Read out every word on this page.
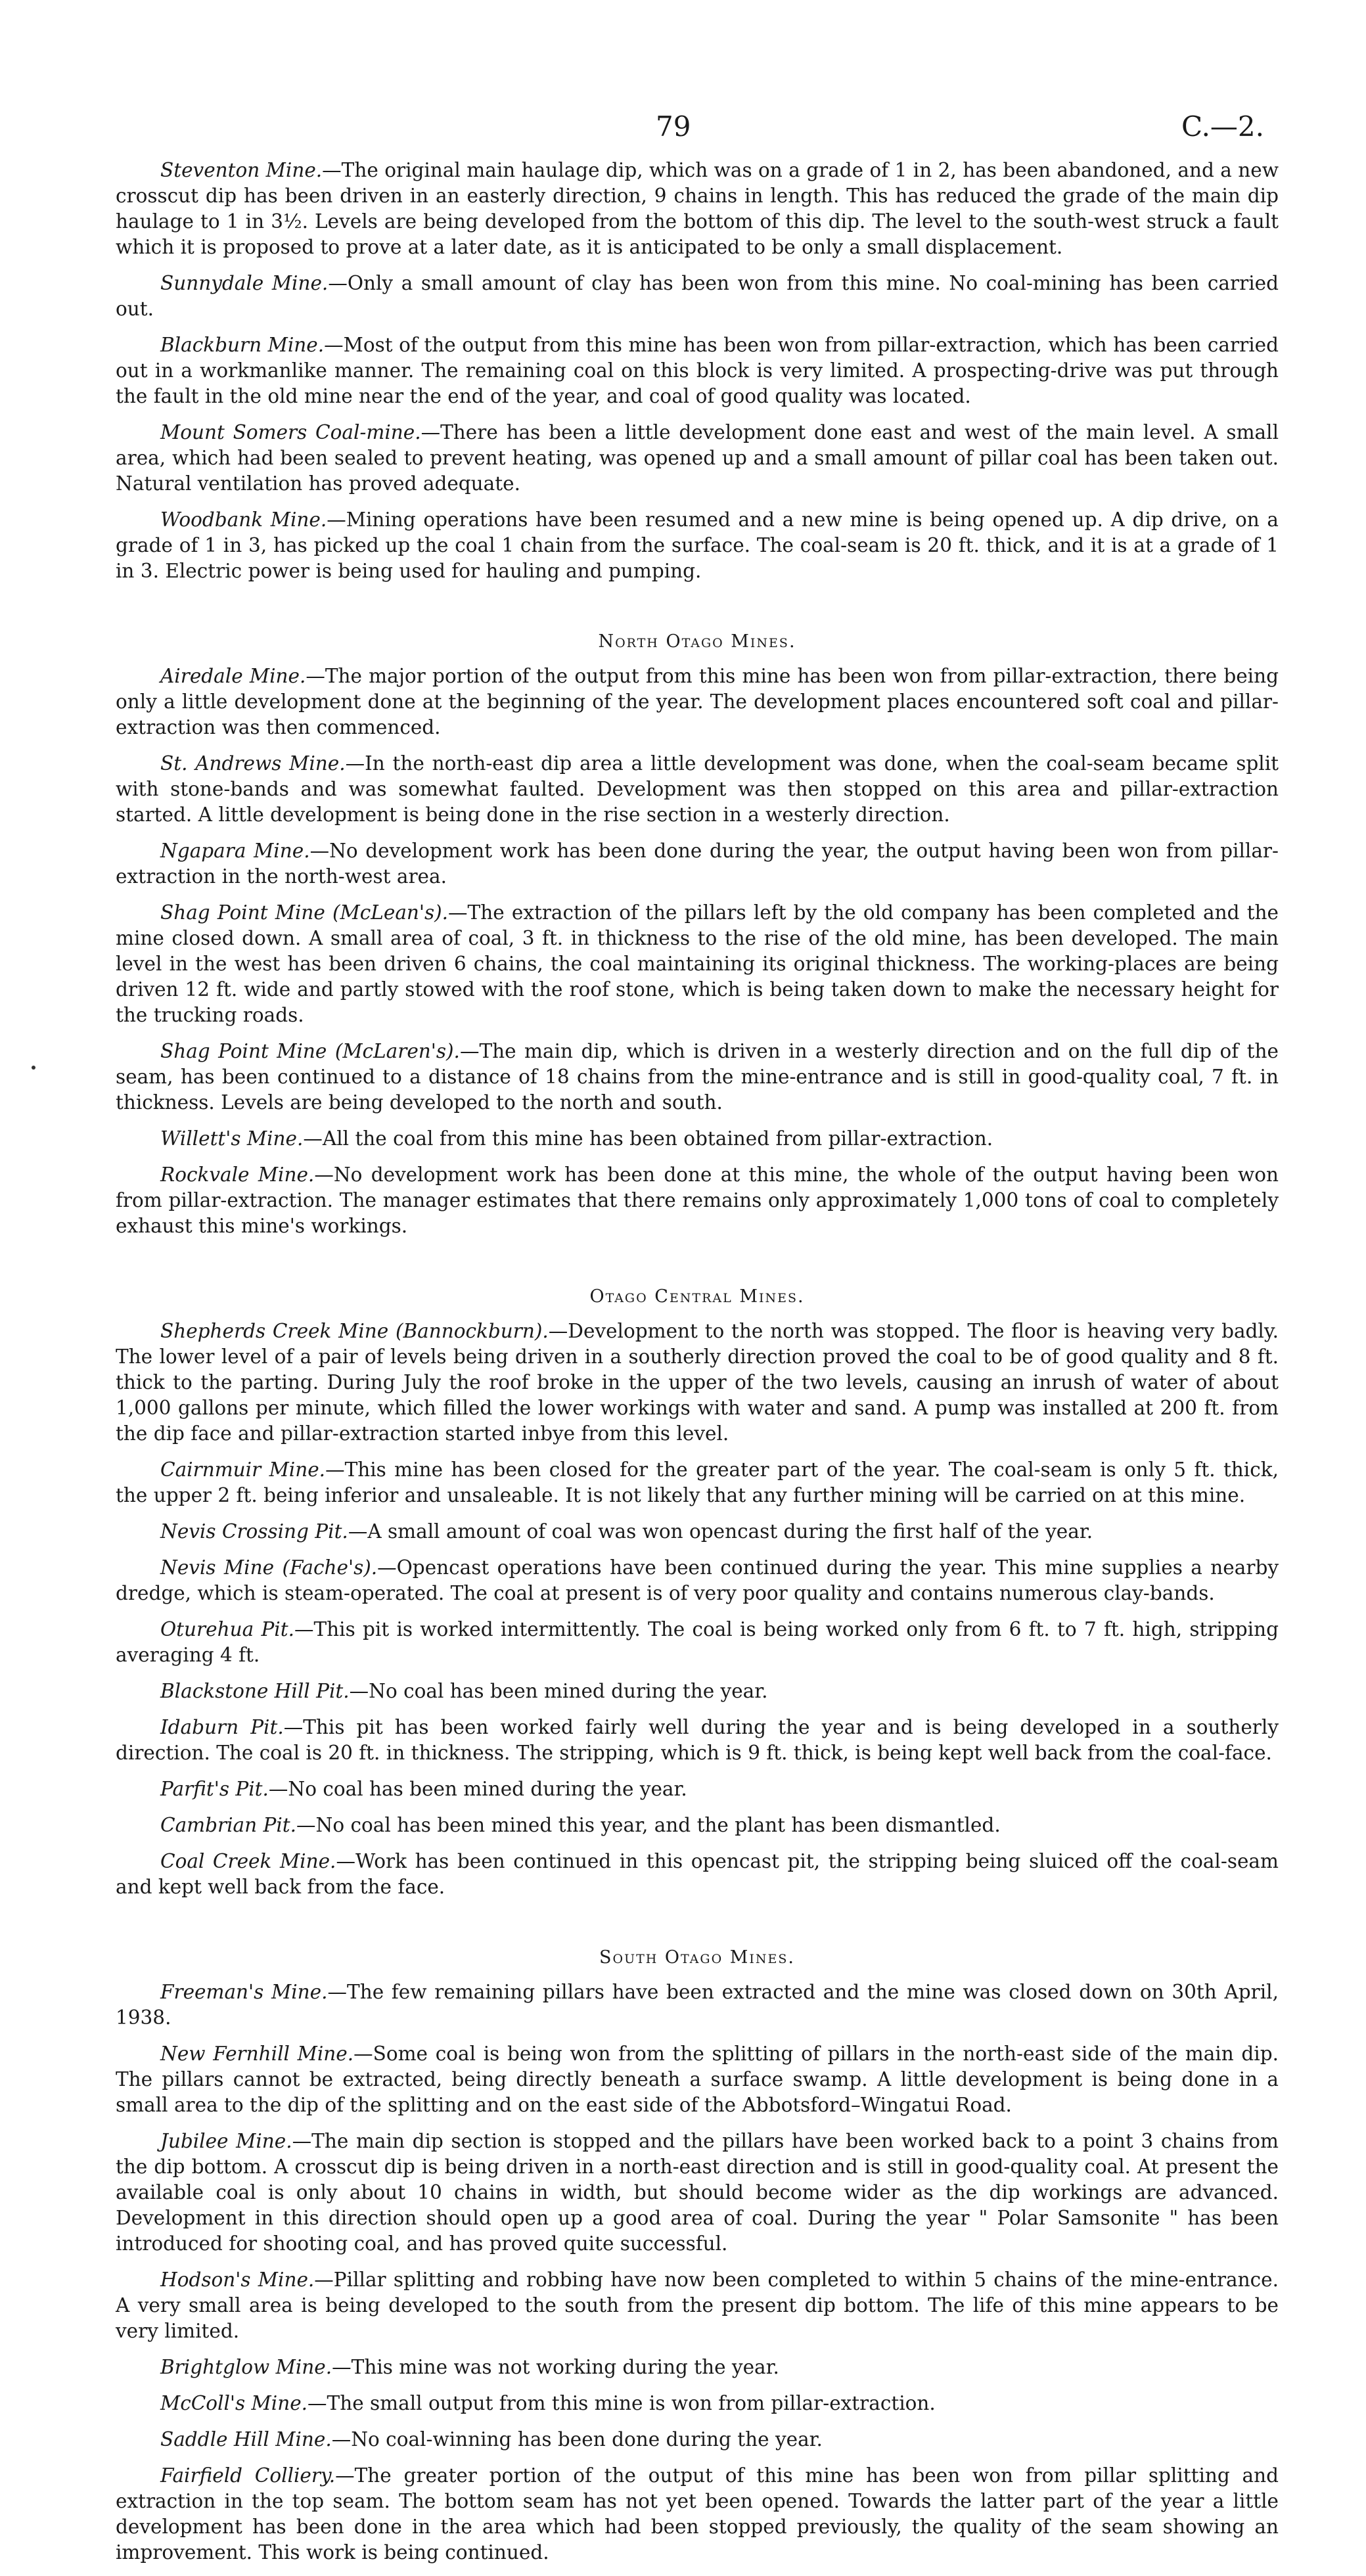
79	C.—2.

Steventon Mine.—The original main haulage dip, which was on a grade of 1 in 2, has been abandoned, and a new crosscut dip has been driven in an easterly direction, 9 chains in length. This has reduced the grade of the main dip haulage to 1 in 3½. Levels are being developed from the bottom of this dip. The level to the south-west struck a fault which it is proposed to prove at a later date, as it is anticipated to be only a small displacement.

Sunnydale Mine.—Only a small amount of clay has been won from this mine. No coal-mining has been carried out.

Blackburn Mine.—Most of the output from this mine has been won from pillar-extraction, which has been carried out in a workmanlike manner. The remaining coal on this block is very limited. A prospecting-drive was put through the fault in the old mine near the end of the year, and coal of good quality was located.

Mount Somers Coal-mine.—There has been a little development done east and west of the main level. A small area, which had been sealed to prevent heating, was opened up and a small amount of pillar coal has been taken out. Natural ventilation has proved adequate.

Woodbank Mine.—Mining operations have been resumed and a new mine is being opened up. A dip drive, on a grade of 1 in 3, has picked up the coal 1 chain from the surface. The coal-seam is 20 ft. thick, and it is at a grade of 1 in 3. Electric power is being used for hauling and pumping.

North Otago Mines.

Airedale Mine.—The major portion of the output from this mine has been won from pillar-extraction, there being only a little development done at the beginning of the year. The development places encountered soft coal and pillar-extraction was then commenced.

St. Andrews Mine.—In the north-east dip area a little development was done, when the coal-seam became split with stone-bands and was somewhat faulted. Development was then stopped on this area and pillar-extraction started. A little development is being done in the rise section in a westerly direction.

Ngapara Mine.—No development work has been done during the year, the output having been won from pillar-extraction in the north-west area.

Shag Point Mine (McLean's).—The extraction of the pillars left by the old company has been completed and the mine closed down. A small area of coal, 3 ft. in thickness to the rise of the old mine, has been developed. The main level in the west has been driven 6 chains, the coal maintaining its original thickness. The working-places are being driven 12 ft. wide and partly stowed with the roof stone, which is being taken down to make the necessary height for the trucking roads.

Shag Point Mine (McLaren's).—The main dip, which is driven in a westerly direction and on the full dip of the seam, has been continued to a distance of 18 chains from the mine-entrance and is still in good-quality coal, 7 ft. in thickness. Levels are being developed to the north and south.

Willett's Mine.—All the coal from this mine has been obtained from pillar-extraction.

Rockvale Mine.—No development work has been done at this mine, the whole of the output having been won from pillar-extraction. The manager estimates that there remains only approximately 1,000 tons of coal to completely exhaust this mine's workings.

Otago Central Mines.

Shepherds Creek Mine (Bannockburn).—Development to the north was stopped. The floor is heaving very badly. The lower level of a pair of levels being driven in a southerly direction proved the coal to be of good quality and 8 ft. thick to the parting. During July the roof broke in the upper of the two levels, causing an inrush of water of about 1,000 gallons per minute, which filled the lower workings with water and sand. A pump was installed at 200 ft. from the dip face and pillar-extraction started inbye from this level.

Cairnmuir Mine.—This mine has been closed for the greater part of the year. The coal-seam is only 5 ft. thick, the upper 2 ft. being inferior and unsaleable. It is not likely that any further mining will be carried on at this mine.

Nevis Crossing Pit.—A small amount of coal was won opencast during the first half of the year.

Nevis Mine (Fache's).—Opencast operations have been continued during the year. This mine supplies a nearby dredge, which is steam-operated. The coal at present is of very poor quality and contains numerous clay-bands.

Oturehua Pit.—This pit is worked intermittently. The coal is being worked only from 6 ft. to 7 ft. high, stripping averaging 4 ft.

Blackstone Hill Pit.—No coal has been mined during the year.

Idaburn Pit.—This pit has been worked fairly well during the year and is being developed in a southerly direction. The coal is 20 ft. in thickness. The stripping, which is 9 ft. thick, is being kept well back from the coal-face.

Parfit's Pit.—No coal has been mined during the year.

Cambrian Pit.—No coal has been mined this year, and the plant has been dismantled.

Coal Creek Mine.—Work has been continued in this opencast pit, the stripping being sluiced off the coal-seam and kept well back from the face.

South Otago Mines.

Freeman's Mine.—The few remaining pillars have been extracted and the mine was closed down on 30th April, 1938.

New Fernhill Mine.—Some coal is being won from the splitting of pillars in the north-east side of the main dip. The pillars cannot be extracted, being directly beneath a surface swamp. A little development is being done in a small area to the dip of the splitting and on the east side of the Abbotsford–Wingatui Road.

Jubilee Mine.—The main dip section is stopped and the pillars have been worked back to a point 3 chains from the dip bottom. A crosscut dip is being driven in a north-east direction and is still in good-quality coal. At present the available coal is only about 10 chains in width, but should become wider as the dip workings are advanced. Development in this direction should open up a good area of coal. During the year " Polar Samsonite " has been introduced for shooting coal, and has proved quite successful.

Hodson's Mine.—Pillar splitting and robbing have now been completed to within 5 chains of the mine-entrance. A very small area is being developed to the south from the present dip bottom. The life of this mine appears to be very limited.

Brightglow Mine.—This mine was not working during the year.

McColl's Mine.—The small output from this mine is won from pillar-extraction.

Saddle Hill Mine.—No coal-winning has been done during the year.

Fairfield Colliery.—The greater portion of the output of this mine has been won from pillar splitting and extraction in the top seam. The bottom seam has not yet been opened. Towards the latter part of the year a little development has been done in the area which had been stopped previously, the quality of the seam showing an improvement. This work is being continued.
